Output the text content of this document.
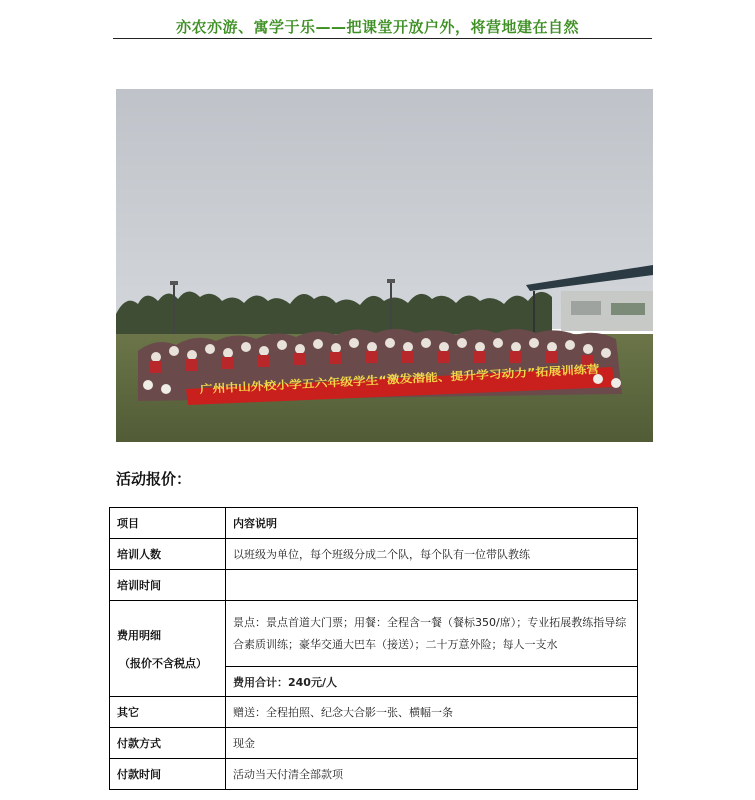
亦农亦游、寓学于乐——把课堂开放户外，将营地建在自然
广州中山外校小学五六年级学生“激发潜能、提升学习动力”拓展训练营
活动报价：
项目	内容说明
培训人数	以班级为单位，每个班级分成二个队，每个队有一位带队教练
培训时间	

费用明细
（报价不含税点）	景点：景点首道大门票；用餐：全程含一餐（餐标350/席）；专业拓展教练指导综合素质训练；豪华交通大巴车（接送）；二十万意外险；每人一支水
	费用合计：240元/人
其它	赠送：全程拍照、纪念大合影一张、横幅一条
付款方式	现金
付款时间	活动当天付清全部款项
